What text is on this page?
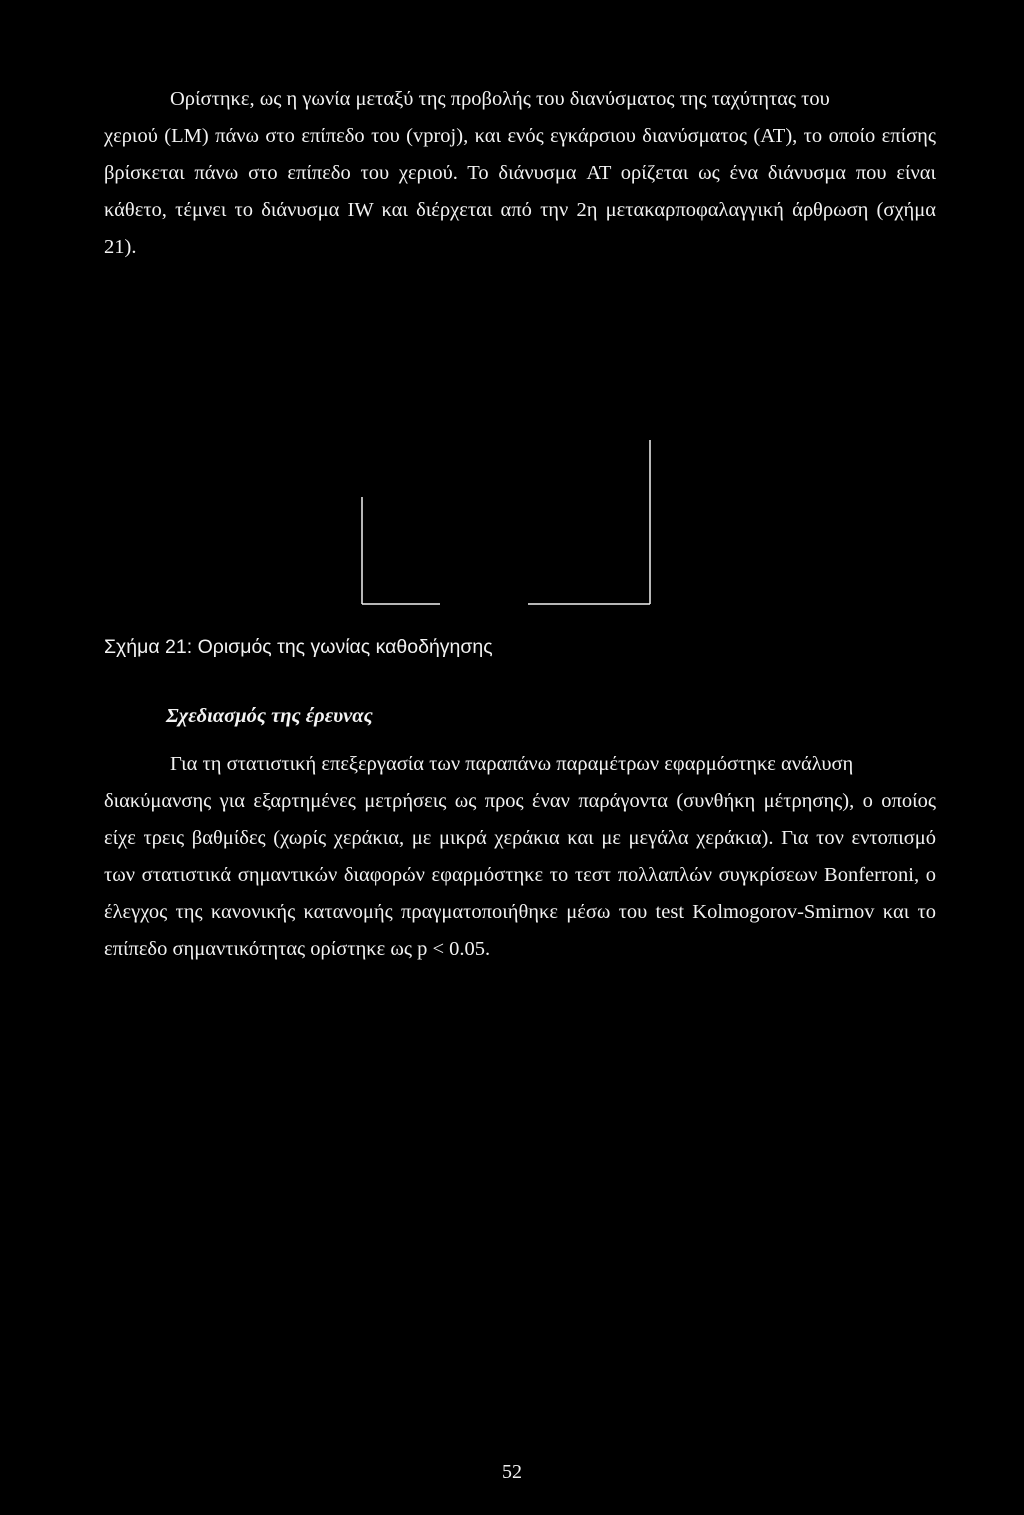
Ορίστηκε, ως η γωνία μεταξύ της προβολής του διανύσματος της ταχύτητας του
χεριού (LM) πάνω στο επίπεδο του (vproj), και ενός εγκάρσιου διανύσματος (AT), το οποίο επίσης βρίσκεται πάνω στο επίπεδο του χεριού. Το διάνυσμα AT ορίζεται ως ένα διάνυσμα που είναι κάθετο, τέμνει το διάνυσμα IW και διέρχεται από την 2η μετακαρποφαλαγγική άρθρωση (σχήμα 21).

Σχήμα 21: Ορισμός της γωνίας καθοδήγησης

Σχεδιασμός της έρευνας

Για τη στατιστική επεξεργασία των παραπάνω παραμέτρων εφαρμόστηκε ανάλυση
διακύμανσης για εξαρτημένες μετρήσεις ως προς έναν παράγοντα (συνθήκη μέτρησης), ο οποίος είχε τρεις βαθμίδες (χωρίς χεράκια, με μικρά χεράκια και με μεγάλα χεράκια). Για τον εντοπισμό των στατιστικά σημαντικών διαφορών εφαρμόστηκε το τεστ πολλαπλών συγκρίσεων Bonferroni, ο έλεγχος της κανονικής κατανομής πραγματοποιήθηκε μέσω του test Kolmogorov-Smirnov και το επίπεδο σημαντικότητας ορίστηκε ως p < 0.05.

52
